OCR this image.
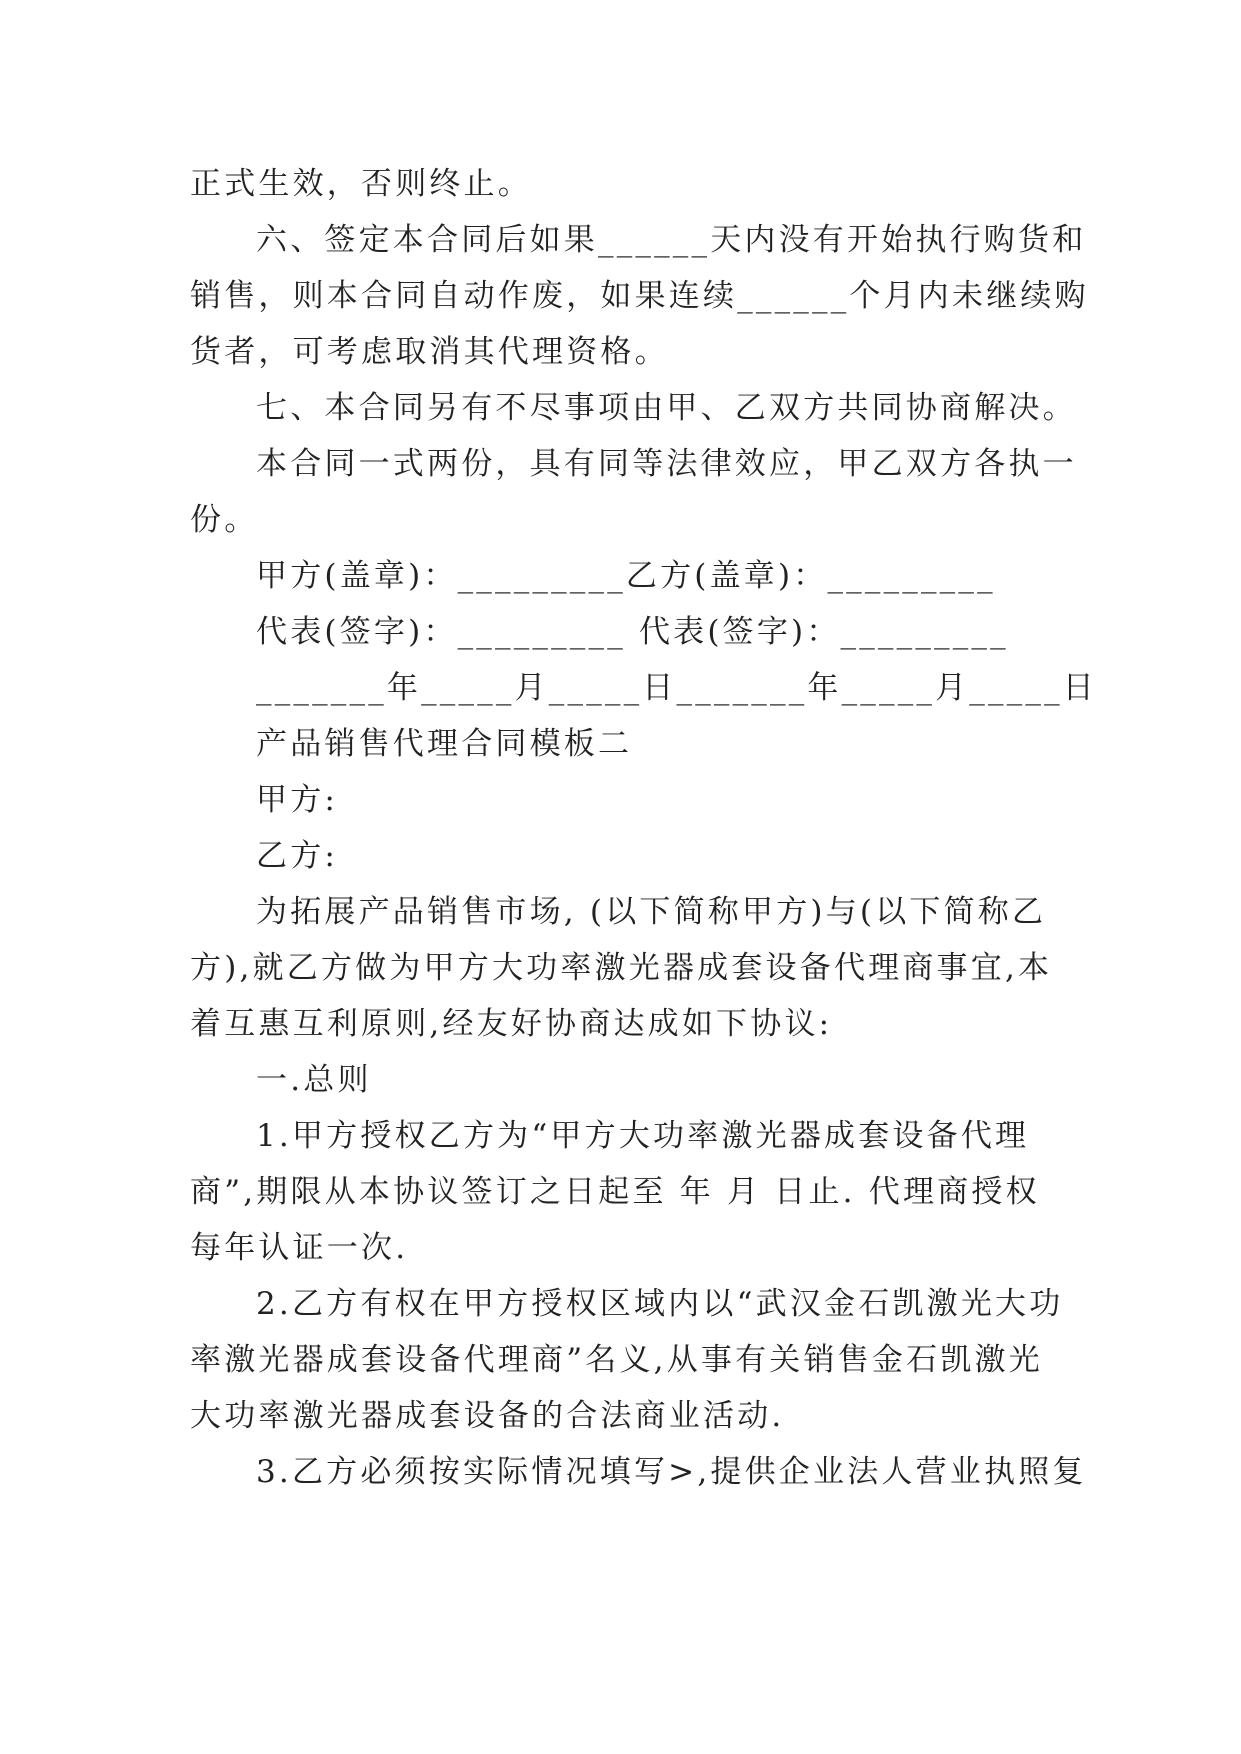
正式生效，否则终止。
六、签定本合同后如果______天内没有开始执行购货和
销售，则本合同自动作废，如果连续______个月内未继续购
货者，可考虑取消其代理资格。
七、本合同另有不尽事项由甲、乙双方共同协商解决。
本合同一式两份，具有同等法律效应，甲乙双方各执一
份。
甲方(盖章)：_________乙方(盖章)：_________
代表(签字)：_________ 代表(签字)：_________
_______年_____月_____日_______年_____月_____日
产品销售代理合同模板二
甲方:
乙方:
为拓展产品销售市场, (以下简称甲方)与(以下简称乙
方),就乙方做为甲方大功率激光器成套设备代理商事宜,本
着互惠互利原则,经友好协商达成如下协议:
一.总则
1.甲方授权乙方为“甲方大功率激光器成套设备代理
商”,期限从本协议签订之日起至 年 月 日止. 代理商授权
每年认证一次.
2.乙方有权在甲方授权区域内以“武汉金石凯激光大功
率激光器成套设备代理商”名义,从事有关销售金石凯激光
大功率激光器成套设备的合法商业活动.
3.乙方必须按实际情况填写>,提供企业法人营业执照复
